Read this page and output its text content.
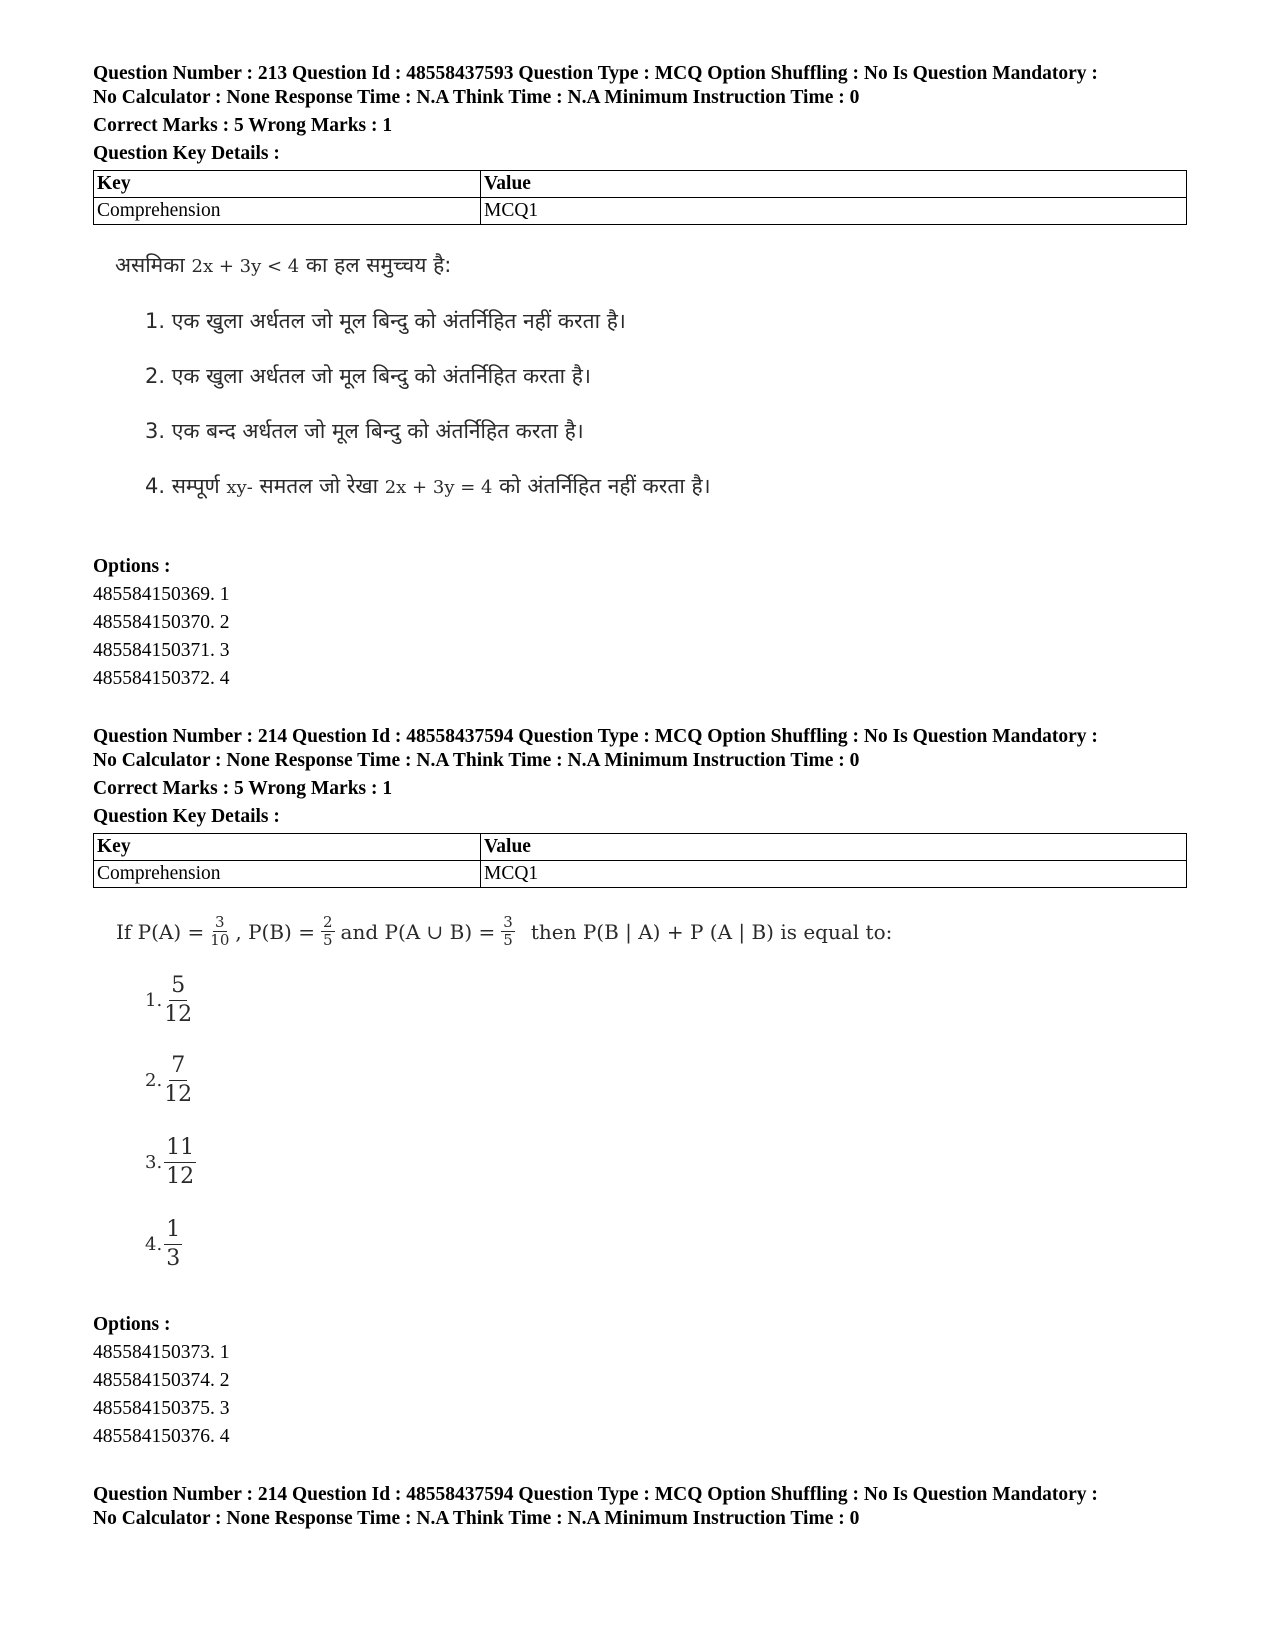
Question Number : 213 Question Id : 48558437593 Question Type : MCQ Option Shuffling : No Is Question Mandatory :

No Calculator : None Response Time : N.A Think Time : N.A Minimum Instruction Time : 0

Correct Marks : 5 Wrong Marks : 1

Question Key Details :

Key	Value
Comprehension	MCQ1
असमिका 2x + 3y < 4 का हल समुच्चय है:
1. एक खुला अर्धतल जो मूल बिन्दु को अंतर्निहित नहीं करता है।
2. एक खुला अर्धतल जो मूल बिन्दु को अंतर्निहित करता है।
3. एक बन्द अर्धतल जो मूल बिन्दु को अंतर्निहित करता है।
4. सम्पूर्ण xy- समतल जो रेखा 2x + 3y = 4 को अंतर्निहित नहीं करता है।

Options :

485584150369. 1

485584150370. 2

485584150371. 3

485584150372. 4

Question Number : 214 Question Id : 48558437594 Question Type : MCQ Option Shuffling : No Is Question Mandatory :

No Calculator : None Response Time : N.A Think Time : N.A Minimum Instruction Time : 0

Correct Marks : 5 Wrong Marks : 1

Question Key Details :

Key	Value
Comprehension	MCQ1
If $P(A) = \frac{3}{10}$ , $P(B) = \frac{2}{5}$ and P(A ∪ $B) = \frac{3}{5}$ then P(B | A) + P (A | B) is equal to:
1. $\frac{5}{12}$
2. $\frac{7}{12}$
3. $\frac{11}{12}$
4. $\frac{1}{3}$

Options :

485584150373. 1

485584150374. 2

485584150375. 3

485584150376. 4

Question Number : 214 Question Id : 48558437594 Question Type : MCQ Option Shuffling : No Is Question Mandatory :

No Calculator : None Response Time : N.A Think Time : N.A Minimum Instruction Time : 0
